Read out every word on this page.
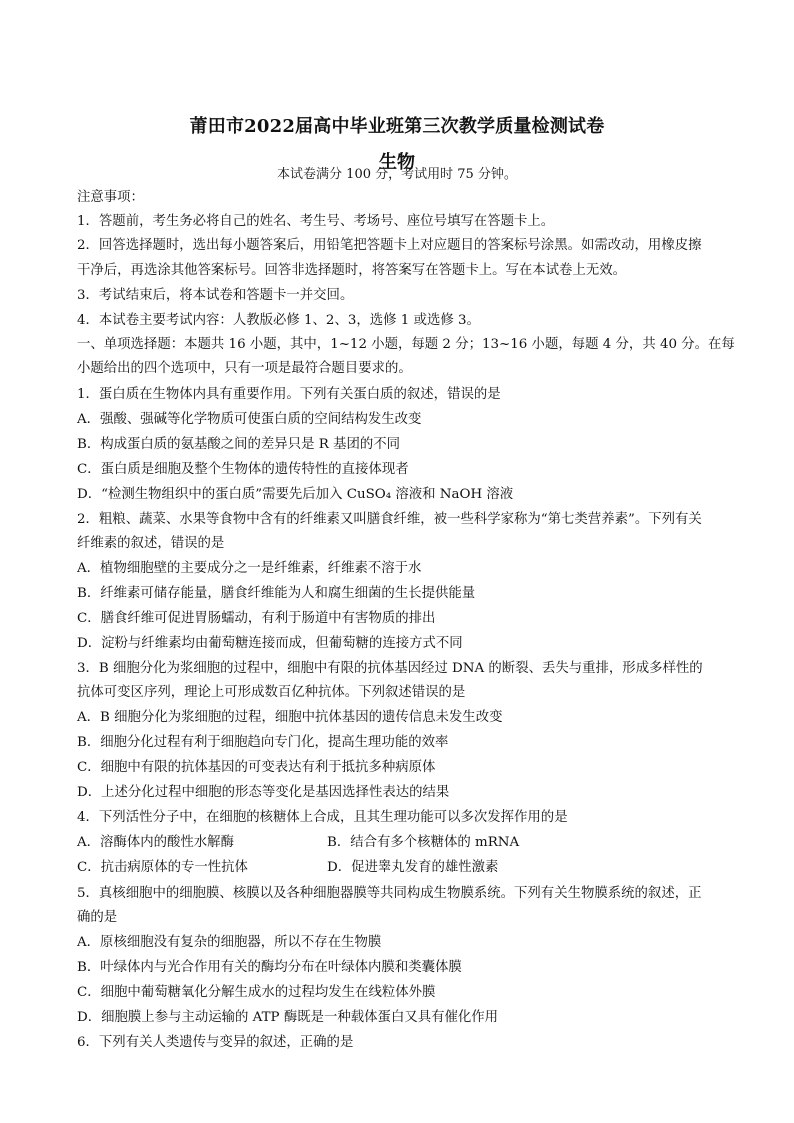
莆田市2022届高中毕业班第三次教学质量检测试卷
生物
本试卷满分 100 分，考试用时 75 分钟。
注意事项：
1．答题前，考生务必将自己的姓名、考生号、考场号、座位号填写在答题卡上。
2．回答选择题时，选出每小题答案后，用铅笔把答题卡上对应题目的答案标号涂黑。如需改动，用橡皮擦
干净后，再选涂其他答案标号。回答非选择题时，将答案写在答题卡上。写在本试卷上无效。
3．考试结束后，将本试卷和答题卡一并交回。
4．本试卷主要考试内容：人教版必修 1、2、3，选修 1 或选修 3。
一、单项选择题：本题共 16 小题，其中，1~12 小题，每题 2 分；13~16 小题，每题 4 分，共 40 分。在每
小题给出的四个选项中，只有一项是最符合题目要求的。
1．蛋白质在生物体内具有重要作用。下列有关蛋白质的叙述，错误的是
A．强酸、强碱等化学物质可使蛋白质的空间结构发生改变
B．构成蛋白质的氨基酸之间的差异只是 R 基团的不同
C．蛋白质是细胞及整个生物体的遗传特性的直接体现者
D．“检测生物组织中的蛋白质”需要先后加入 CuSO₄ 溶液和 NaOH 溶液
2．粗粮、蔬菜、水果等食物中含有的纤维素又叫膳食纤维，被一些科学家称为“第七类营养素”。下列有关
纤维素的叙述，错误的是
A．植物细胞壁的主要成分之一是纤维素，纤维素不溶于水
B．纤维素可储存能量，膳食纤维能为人和腐生细菌的生长提供能量
C．膳食纤维可促进胃肠蠕动，有利于肠道中有害物质的排出
D．淀粉与纤维素均由葡萄糖连接而成，但葡萄糖的连接方式不同
3．B 细胞分化为浆细胞的过程中，细胞中有限的抗体基因经过 DNA 的断裂、丢失与重排，形成多样性的
抗体可变区序列，理论上可形成数百亿种抗体。下列叙述错误的是
A．B 细胞分化为浆细胞的过程，细胞中抗体基因的遗传信息未发生改变
B．细胞分化过程有利于细胞趋向专门化，提高生理功能的效率
C．细胞中有限的抗体基因的可变表达有利于抵抗多种病原体
D．上述分化过程中细胞的形态等变化是基因选择性表达的结果
4．下列活性分子中，在细胞的核糖体上合成，且其生理功能可以多次发挥作用的是
A．溶酶体内的酸性水解酶	B．结合有多个核糖体的 mRNA
C．抗击病原体的专一性抗体	D．促进睾丸发育的雄性激素
5．真核细胞中的细胞膜、核膜以及各种细胞器膜等共同构成生物膜系统。下列有关生物膜系统的叙述，正
确的是
A．原核细胞没有复杂的细胞器，所以不存在生物膜
B．叶绿体内与光合作用有关的酶均分布在叶绿体内膜和类囊体膜
C．细胞中葡萄糖氧化分解生成水的过程均发生在线粒体外膜
D．细胞膜上参与主动运输的 ATP 酶既是一种载体蛋白又具有催化作用
6．下列有关人类遗传与变异的叙述，正确的是
